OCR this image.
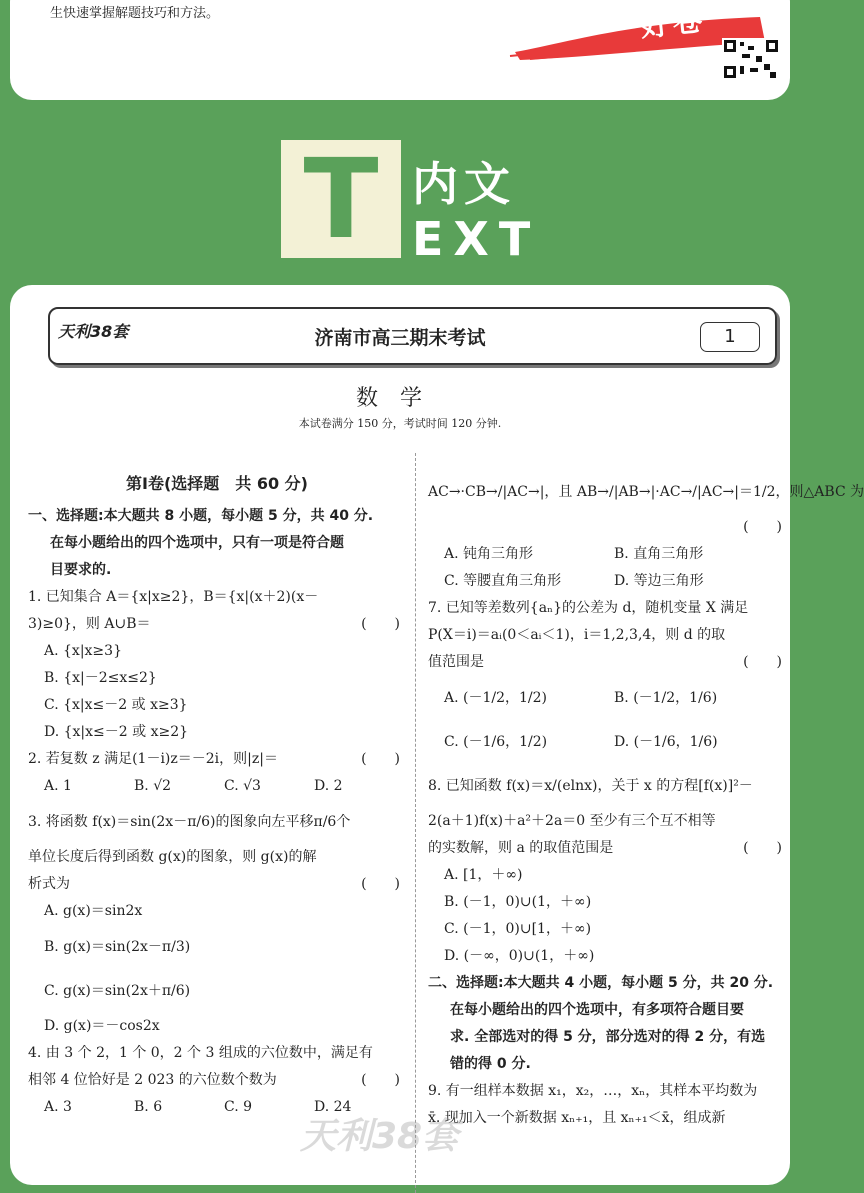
生快速掌握解题技巧和方法。	好卷
T 内文
EXT
天利38套	济南市高三期末考试	1
数学
本试卷满分 150 分，考试时间 120 分钟.
第Ⅰ卷(选择题　共 60 分)
一、选择题:本大题共 8 小题，每小题 5 分，共 40 分.
在每小题给出的四个选项中，只有一项是符合题
目要求的.
1. 已知集合 A＝{x|x≥2}，B＝{x|(x＋2)(x－
(　　)
3)≥0}，则 A∪B＝
A. {x|x≥3}
B. {x|－2≤x≤2}
C. {x|x≤－2 或 x≥3}
D. {x|x≤－2 或 x≥2}
(　　)
2. 若复数 z 满足(1－i)z＝－2i，则|z|＝
A. 1	B. √2	C. √3	D. 2
3. 将函数 f(x)＝sin(2x－π/6)的图象向左平移π/6个
单位长度后得到函数 g(x)的图象，则 g(x)的解
(　　)
析式为
A. g(x)＝sin2x
B. g(x)＝sin(2x－π/3)
C. g(x)＝sin(2x＋π/6)
D. g(x)＝－cos2x
4. 由 3 个 2，1 个 0，2 个 3 组成的六位数中，满足有
(　　)
相邻 4 位恰好是 2 023 的六位数个数为
A. 3	B. 6	C. 9	D. 24
AC→·CB→/|AC→|，且 AB→/|AB→|·AC→/|AC→|＝1/2，则△ABC 为
(　　)

A. 钝角三角形	B. 直角三角形
C. 等腰直角三角形	D. 等边三角形
7. 已知等差数列{aₙ}的公差为 d，随机变量 X 满足
P(X＝i)＝aᵢ(0＜aᵢ＜1)，i＝1,2,3,4，则 d 的取
(　　)
值范围是
A. (－1/2，1/2)	B. (－1/2，1/6)
C. (－1/6，1/2)	D. (－1/6，1/6)
8. 已知函数 f(x)＝x/(elnx)，关于 x 的方程[f(x)]²－
2(a＋1)f(x)＋a²＋2a＝0 至少有三个互不相等
(　　)
的实数解，则 a 的取值范围是
A. [1，＋∞)
B. (－1，0)∪(1，＋∞)
C. (－1，0)∪[1，＋∞)
D. (－∞，0)∪(1，＋∞)
二、选择题:本大题共 4 小题，每小题 5 分，共 20 分.
在每小题给出的四个选项中，有多项符合题目要
求. 全部选对的得 5 分，部分选对的得 2 分，有选
错的得 0 分.
9. 有一组样本数据 x₁，x₂，…，xₙ，其样本平均数为
x̄. 现加入一个新数据 xₙ₊₁，且 xₙ₊₁＜x̄，组成新
天利38套
